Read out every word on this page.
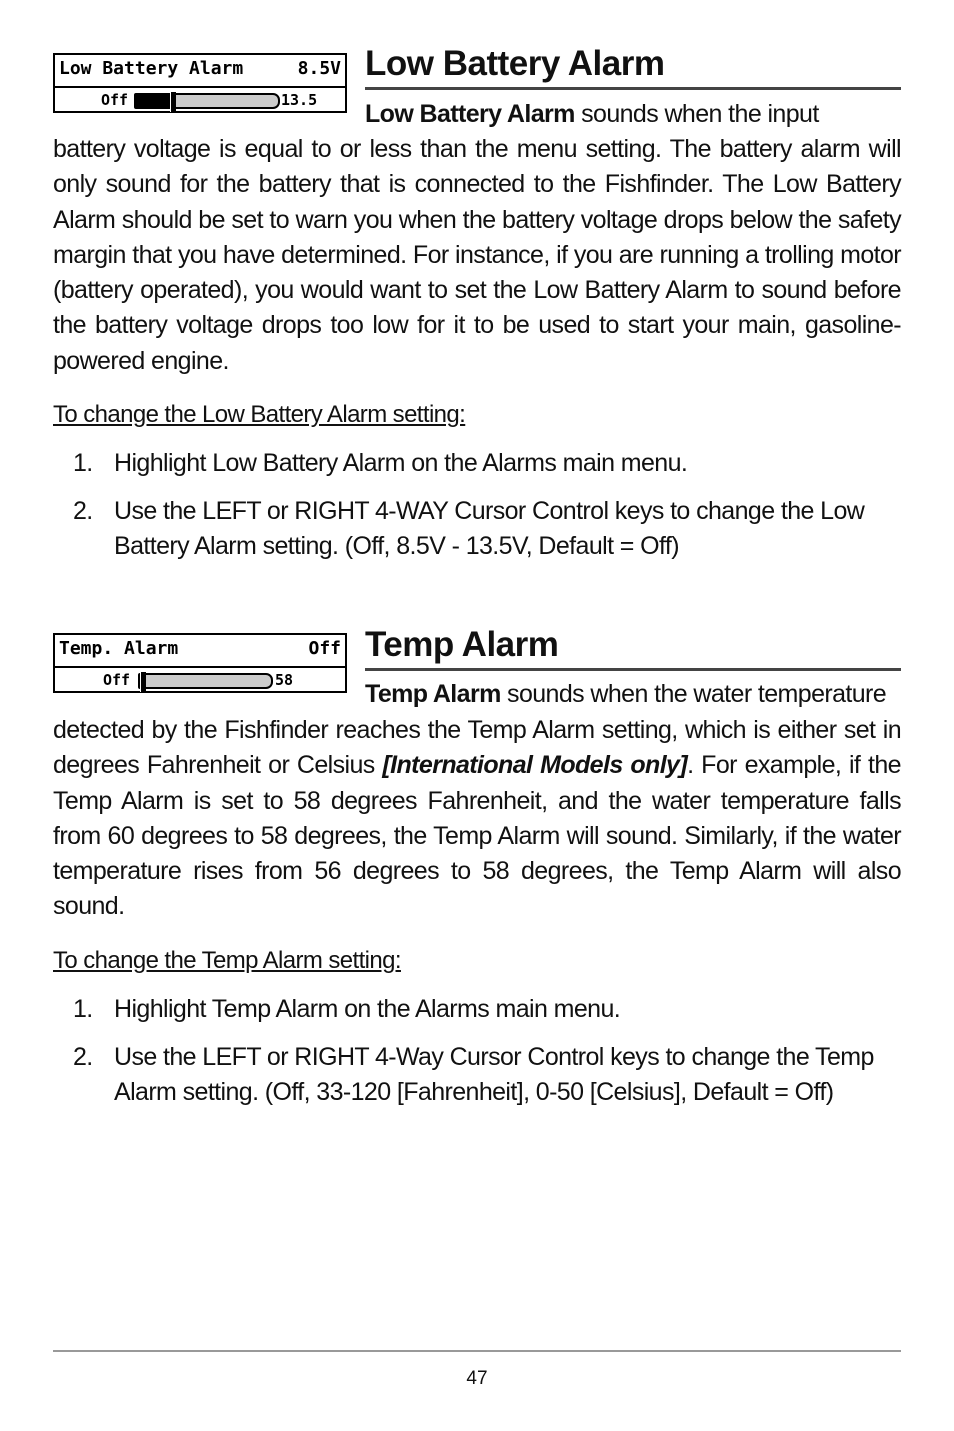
Low Battery Alarm	8.5V
Off	13.5
Low Battery Alarm
Low Battery Alarm sounds when the input

battery voltage is equal to or less than the menu setting. The battery alarm will only sound for the battery that is connected to the Fishfinder. The Low Battery Alarm should be set to warn you when the battery voltage drops below the safety margin that you have determined. For instance, if you are running a trolling motor (battery operated), you would want to set the Low Battery Alarm to sound before the battery voltage drops too low for it to be used to start your main, gasoline-powered engine.

To change the Low Battery Alarm setting:

1. Highlight Low Battery Alarm on the Alarms main menu.
2. Use the LEFT or RIGHT 4-WAY Cursor Control keys to change the Low Battery Alarm setting. (Off, 8.5V - 13.5V, Default = Off)
Temp. Alarm	Off
Off	58
Temp Alarm
Temp Alarm sounds when the water temperature

detected by the Fishfinder reaches the Temp Alarm setting, which is either set in degrees Fahrenheit or Celsius [International Models only]. For example, if the Temp Alarm is set to 58 degrees Fahrenheit, and the water temperature falls from 60 degrees to 58 degrees, the Temp Alarm will sound. Similarly, if the water temperature rises from 56 degrees to 58 degrees, the Temp Alarm will also sound.

To change the Temp Alarm setting:

1. Highlight Temp Alarm on the Alarms main menu.
2. Use the LEFT or RIGHT 4-Way Cursor Control keys to change the Temp Alarm setting. (Off, 33-120 [Fahrenheit], 0-50 [Celsius], Default = Off)
47
